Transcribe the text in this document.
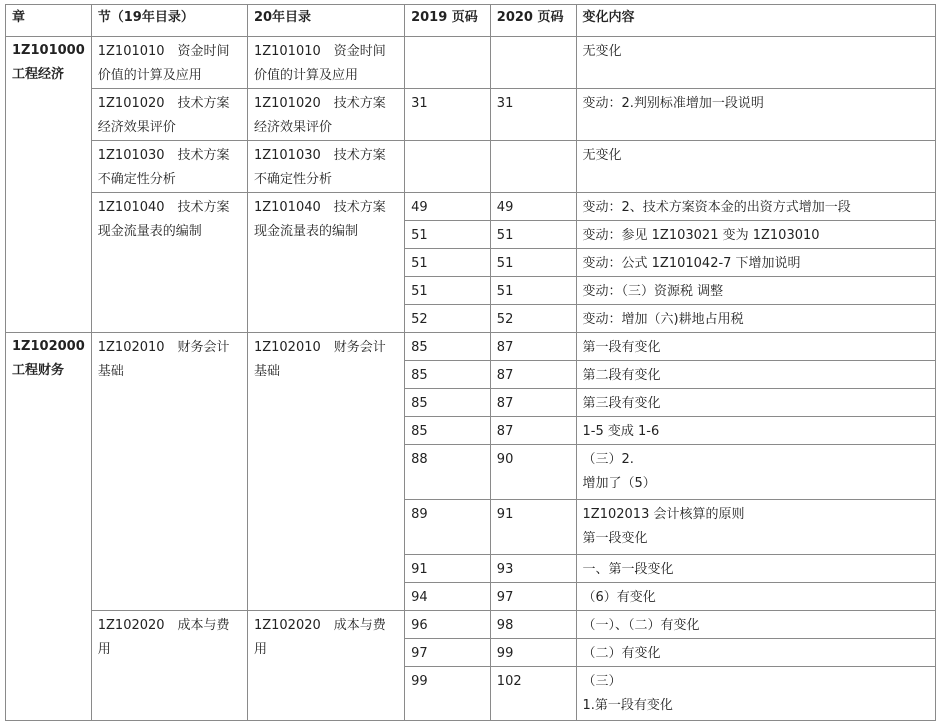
章	节（19年目录）	20年目录	2019 页码	2020 页码	变化内容
1Z101000 工程经济	1Z101010　资金时间价值的计算及应用	1Z101010　资金时间价值的计算及应用			无变化

	1Z101020　技术方案经济效果评价	1Z101020　技术方案经济效果评价	31	31	变动：2.判别标准增加一段说明

	1Z101030　技术方案不确定性分析	1Z101030　技术方案不确定性分析			无变化

	1Z101040　技术方案现金流量表的编制	1Z101040　技术方案现金流量表的编制	49	49	变动：2、技术方案资本金的出资方式增加一段

			51	51	变动：参见 1Z103021 变为 1Z103010

			51	51	变动：公式 1Z101042-7 下增加说明

			51	51	变动：（三）资源税 调整

			52	52	变动：增加（六)耕地占用税

1Z102000 工程财务	1Z102010　财务会计基础	1Z102010　财务会计基础	85	87	第一段有变化

			85	87	第二段有变化

			85	87	第三段有变化

			85	87	1-5 变成 1-6

			88	90	（三）2.
增加了（5）

			89	91	1Z102013 会计核算的原则
第一段变化

			91	93	一、第一段变化

			94	97	（6）有变化

	1Z102020　成本与费用	1Z102020　成本与费用	96	98	（一）、（二）有变化

			97	99	（二）有变化

			99	102	（三）
1.第一段有变化
